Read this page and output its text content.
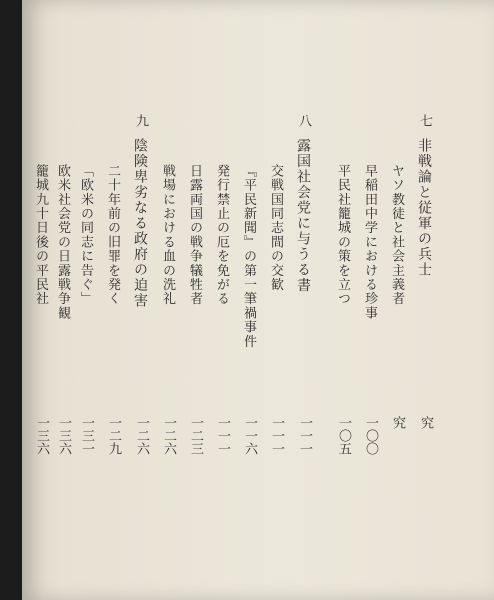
七
非戦論と従軍の兵士
究
ヤソ教徒と社会主義者
究
早稲田中学における珍事
一〇〇
平民社籠城の策を立つ
一〇五
八
露国社会党に与うる書
一一一
交戦国同志間の交歓
一一一
『平民新聞』の第一筆禍事件
一一六
発行禁止の厄を免がる
一一一
日露両国の戦争犠牲者
一二三
戦場における血の洗礼
一二六
九
陰険卑劣なる政府の迫害
一二六
二十年前の旧罪を発く
一二九
「欧米の同志に告ぐ」
一三一
欧米社会党の日露戦争観
一三六
籠城九十日後の平民社
一三六
